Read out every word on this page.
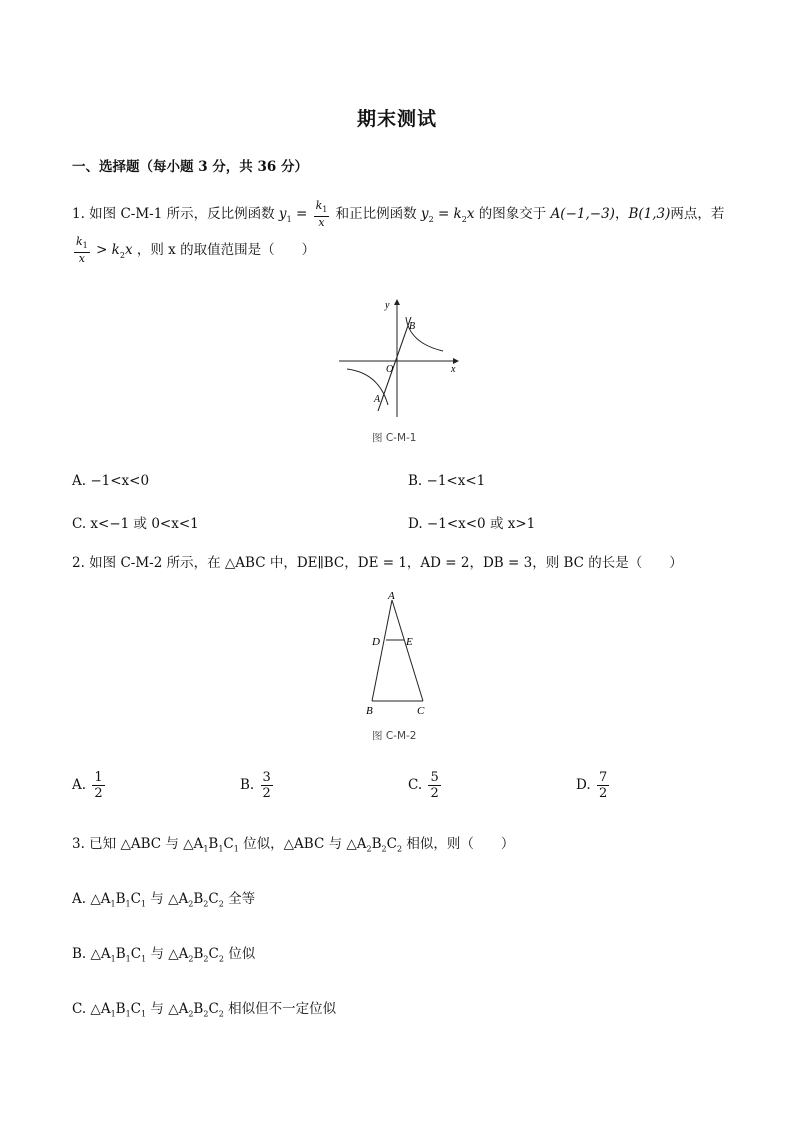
期末测试
一、选择题（每小题 3 分，共 36 分）
1. 如图 C-M-1 所示，反比例函数 $y_1 = \frac{k_1}{x}$ 和正比例函数 $y_2 = k_2x$ 的图象交于 A(−1,−3)，B(1,3)两点，若
$\frac{k_1}{x} > k_2x$ ，则 x 的取值范围是（　　）
y
x
O
A
B
图 C-M-1
A. −1<x<0	B. −1<x<1
C. x<−1 或 0<x<1	D. −1<x<0 或 x>1
2. 如图 C-M-2 所示，在 △ABC 中，DE∥BC，DE = 1，AD = 2，DB = 3，则 BC 的长是（　　）
A
D E
B	C
图 C-M-2
A. $\frac{1}{2}$	B. $\frac{3}{2}$	C. $\frac{5}{2}$	D. $\frac{7}{2}$
3. 已知 △ABC 与 $\triangle A_1B_1C_1$ 位似，△ABC 与 $\triangle A_2B_2C_2$ 相似，则（　　）
A. $\triangle A_1B_1C_1$ 与 $\triangle A_2B_2C_2$ 全等
B. $\triangle A_1B_1C_1$ 与 $\triangle A_2B_2C_2$ 位似
C. $\triangle A_1B_1C_1$ 与 $\triangle A_2B_2C_2$ 相似但不一定位似
